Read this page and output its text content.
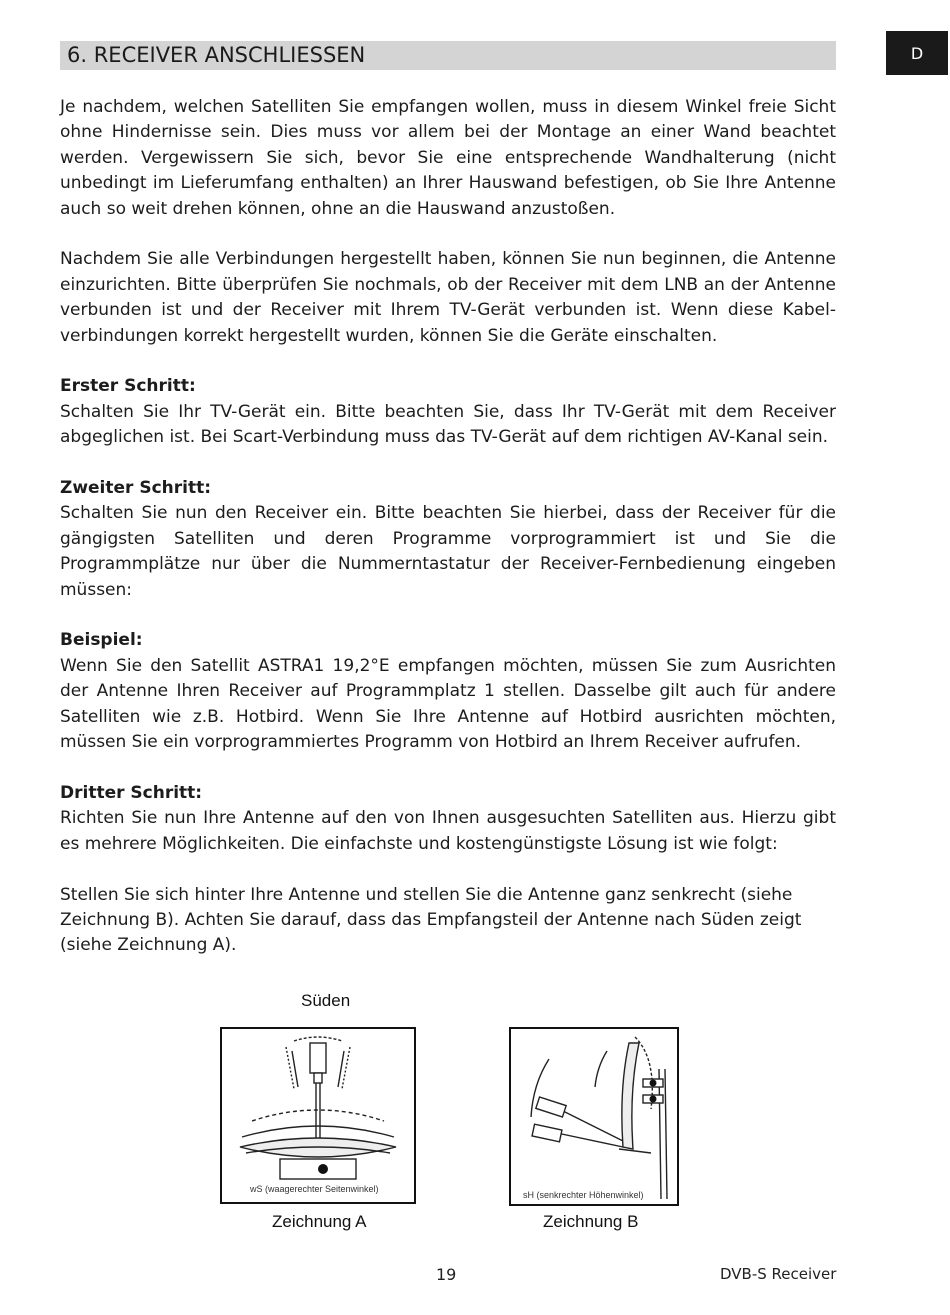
D
6. RECEIVER ANSCHLIESSEN

Je nachdem, welchen Satelliten Sie empfangen wollen, muss in diesem Winkel freie Sicht ohne Hindernisse sein. Dies muss vor allem bei der Montage an einer Wand beachtet werden. Vergewissern Sie sich, bevor Sie eine entsprechende Wandhalterung (nicht unbedingt im Lieferumfang enthalten) an Ihrer Hauswand befestigen, ob Sie Ihre Antenne auch so weit drehen können, ohne an die Hauswand anzustoßen.

Nachdem Sie alle Verbindungen hergestellt haben, können Sie nun beginnen, die Antenne einzurichten. Bitte überprüfen Sie nochmals, ob der Receiver mit dem LNB an der Antenne verbunden ist und der Receiver mit Ihrem TV-Gerät verbunden ist. Wenn diese Kabel-verbindungen korrekt hergestellt wurden, können Sie die Geräte einschalten.

Erster Schritt:
Schalten Sie Ihr TV-Gerät ein. Bitte beachten Sie, dass Ihr TV-Gerät mit dem Receiver abgeglichen ist. Bei Scart-Verbindung muss das TV-Gerät auf dem richtigen AV-Kanal sein.

Zweiter Schritt:
Schalten Sie nun den Receiver ein. Bitte beachten Sie hierbei, dass der Receiver für die gängigsten Satelliten und deren Programme vorprogrammiert ist und Sie die Programmplätze nur über die Nummerntastatur der Receiver-Fernbedienung eingeben müssen:

Beispiel:
Wenn Sie den Satellit ASTRA1 19,2°E empfangen möchten, müssen Sie zum Ausrichten der Antenne Ihren Receiver auf Programmplatz 1 stellen. Dasselbe gilt auch für andere Satelliten wie z.B. Hotbird. Wenn Sie Ihre Antenne auf Hotbird ausrichten möchten, müssen Sie ein vorprogrammiertes Programm von Hotbird an Ihrem Receiver aufrufen.

Dritter Schritt:
Richten Sie nun Ihre Antenne auf den von Ihnen ausgesuchten Satelliten aus. Hierzu gibt es mehrere Möglichkeiten. Die einfachste und kostengünstigste Lösung ist wie folgt:

Stellen Sie sich hinter Ihre Antenne und stellen Sie die Antenne ganz senkrecht (siehe Zeichnung B). Achten Sie darauf, dass das Empfangsteil der Antenne nach Süden zeigt (siehe Zeichnung A).

Süden
wS (waagerechter Seitenwinkel)
Zeichnung A
sH (senkrechter Höhenwinkel)
Zeichnung B
19	DVB-S Receiver
